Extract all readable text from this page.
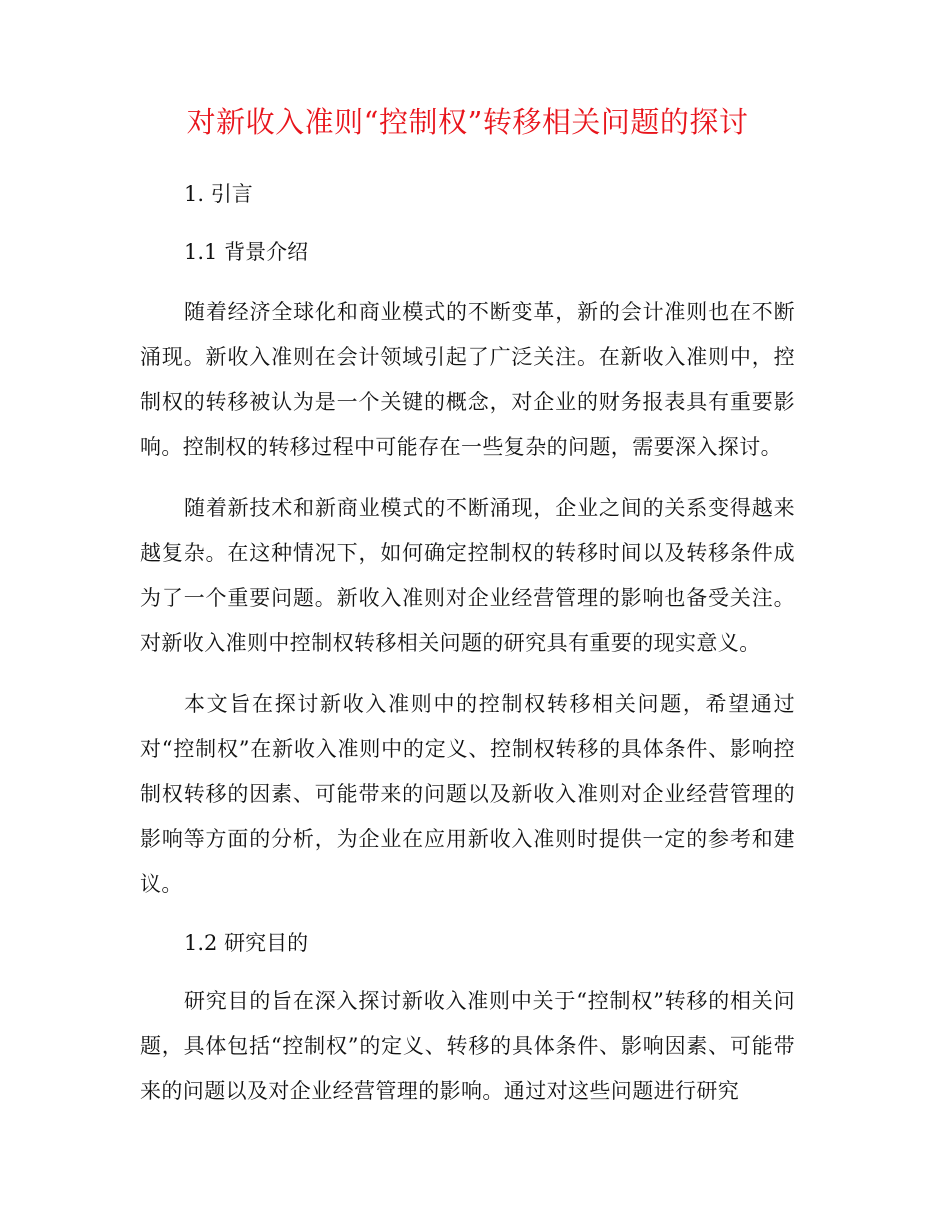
对新收入准则“控制权”转移相关问题的探讨
1. 引言
1.1 背景介绍

随着经济全球化和商业模式的不断变革，新的会计准则也在不断涌现。新收入准则在会计领域引起了广泛关注。在新收入准则中，控制权的转移被认为是一个关键的概念，对企业的财务报表具有重要影响。控制权的转移过程中可能存在一些复杂的问题，需要深入探讨。

随着新技术和新商业模式的不断涌现，企业之间的关系变得越来越复杂。在这种情况下，如何确定控制权的转移时间以及转移条件成为了一个重要问题。新收入准则对企业经营管理的影响也备受关注。对新收入准则中控制权转移相关问题的研究具有重要的现实意义。

本文旨在探讨新收入准则中的控制权转移相关问题，希望通过对“控制权”在新收入准则中的定义、控制权转移的具体条件、影响控制权转移的因素、可能带来的问题以及新收入准则对企业经营管理的影响等方面的分析，为企业在应用新收入准则时提供一定的参考和建议。

1.2 研究目的

研究目的旨在深入探讨新收入准则中关于“控制权”转移的相关问题，具体包括“控制权”的定义、转移的具体条件、影响因素、可能带来的问题以及对企业经营管理的影响。通过对这些问题进行研究
